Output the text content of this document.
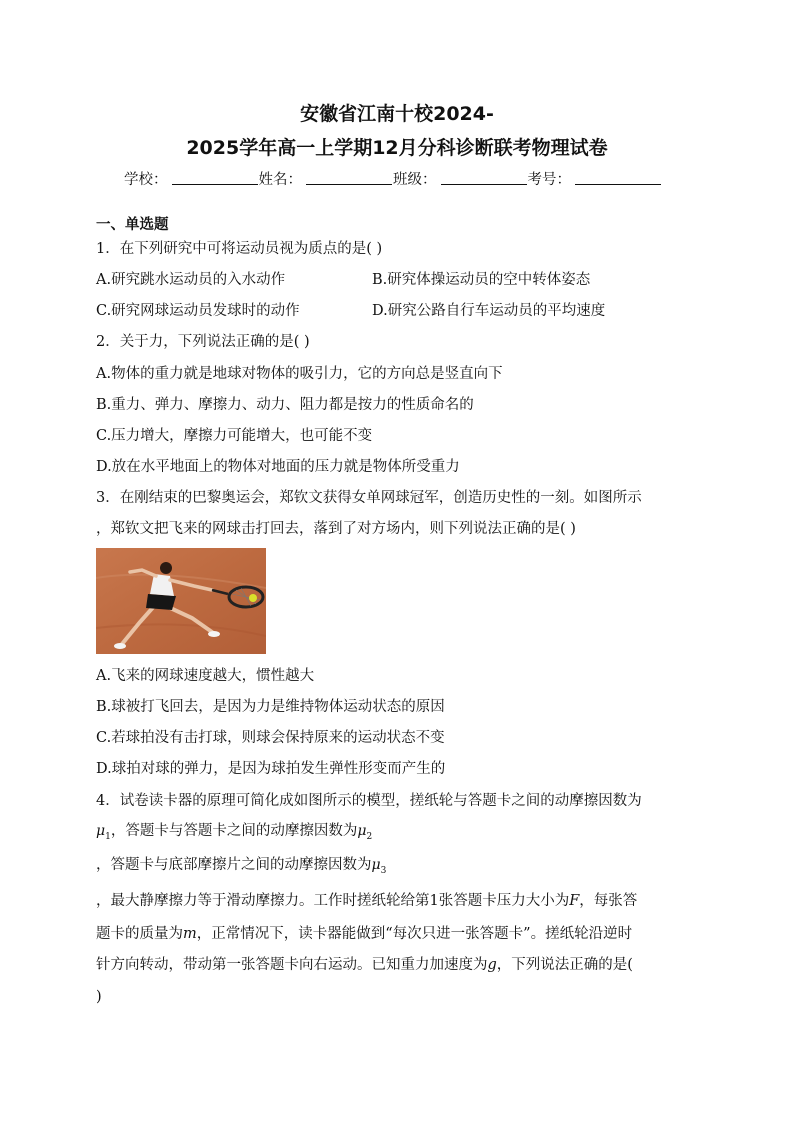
安徽省江南十校2024-
2025学年高一上学期12月分科诊断联考物理试卷
学校：	姓名：	班级：	考号：
一、单选题
1．在下列研究中可将运动员视为质点的是( )
A.研究跳水运动员的入水动作	B.研究体操运动员的空中转体姿态
C.研究网球运动员发球时的动作	D.研究公路自行车运动员的平均速度
2．关于力，下列说法正确的是( )
A.物体的重力就是地球对物体的吸引力，它的方向总是竖直向下
B.重力、弹力、摩擦力、动力、阻力都是按力的性质命名的
C.压力增大，摩擦力可能增大，也可能不变
D.放在水平地面上的物体对地面的压力就是物体所受重力
3．在刚结束的巴黎奥运会，郑钦文获得女单网球冠军，创造历史性的一刻。如图所示
，郑钦文把飞来的网球击打回去，落到了对方场内，则下列说法正确的是( )
A.飞来的网球速度越大，惯性越大
B.球被打飞回去，是因为力是维持物体运动状态的原因
C.若球拍没有击打球，则球会保持原来的运动状态不变
D.球拍对球的弹力，是因为球拍发生弹性形变而产生的
4．试卷读卡器的原理可简化成如图所示的模型，搓纸轮与答题卡之间的动摩擦因数为
$\mu_1$，答题卡与答题卡之间的动摩擦因数为$\mu_2$
，答题卡与底部摩擦片之间的动摩擦因数为$\mu_3$
，最大静摩擦力等于滑动摩擦力。工作时搓纸轮给第1张答题卡压力大小为F，每张答
题卡的质量为m，正常情况下，读卡器能做到“每次只进一张答题卡”。搓纸轮沿逆时
针方向转动，带动第一张答题卡向右运动。已知重力加速度为g，下列说法正确的是(
)
